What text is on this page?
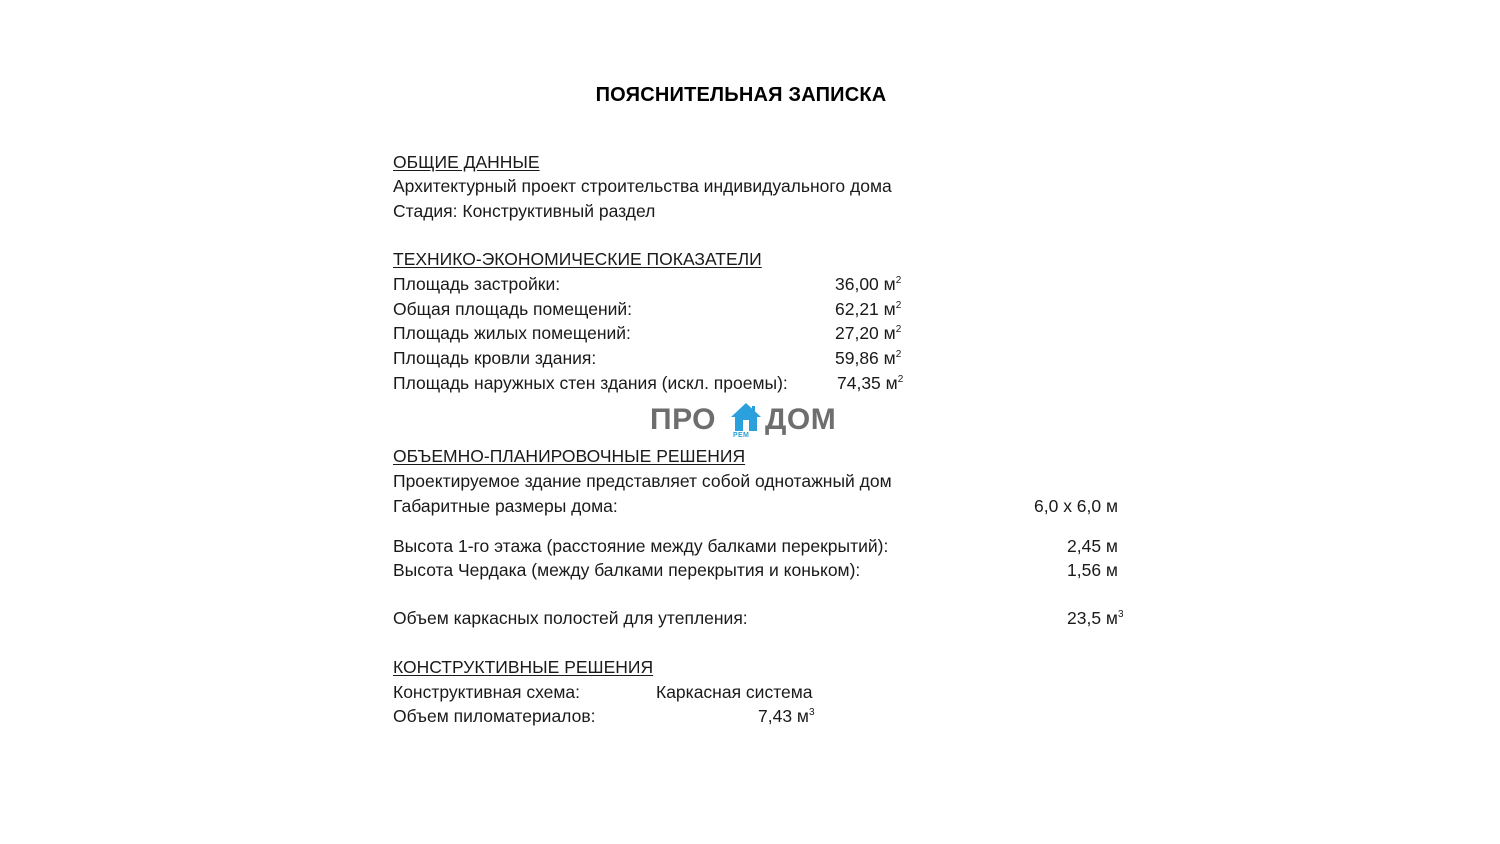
ПОЯСНИТЕЛЬНАЯ ЗАПИСКА
ОБЩИЕ ДАННЫЕ
Архитектурный проект строительства индивидуального дома
Стадия: Конструктивный раздел
ТЕХНИКО-ЭКОНОМИЧЕСКИЕ ПОКАЗАТЕЛИ
Площадь застройки:	36,00 $м^2$
Общая площадь помещений:	62,21 $м^2$
Площадь жилых помещений:	27,20 $м^2$
Площадь кровли здания:	59,86 $м^2$
Площадь наружных стен здания (искл. проемы):	74,35 $м^2$
ПРО РЕМ ДОМ
ОБЪЕМНО-ПЛАНИРОВОЧНЫЕ РЕШЕНИЯ
Проектируемое здание представляет собой однотажный дом
Габаритные размеры дома:	6,0 х 6,0 м
Высота 1-го этажа (расстояние между балками перекрытий):	2,45 м
Высота Чердака (между балками перекрытия и коньком):	1,56 м
Объем каркасных полостей для утепления:	23,5 $м^3$
КОНСТРУКТИВНЫЕ РЕШЕНИЯ
Конструктивная схема:	Каркасная система
Объем пиломатериалов:	7,43 $м^3$
